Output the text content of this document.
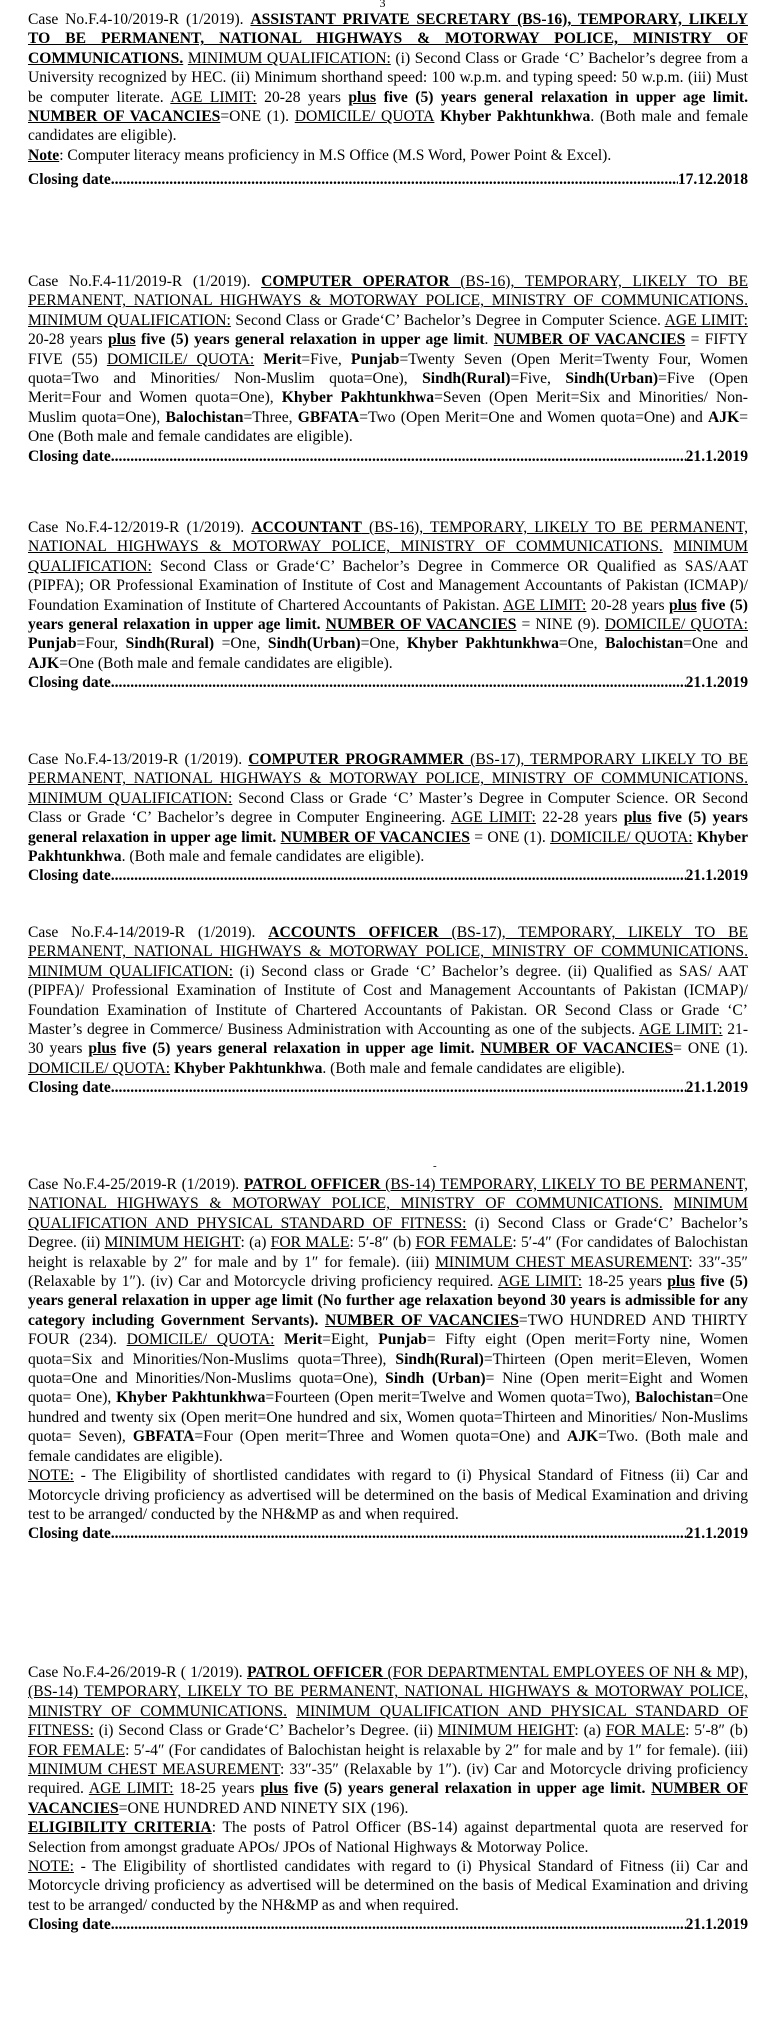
3
Case No.F.4-10/2019-R (1/2019). ASSISTANT PRIVATE SECRETARY (BS-16), TEMPORARY, LIKELY TO BE PERMANENT, NATIONAL HIGHWAYS & MOTORWAY POLICE, MINISTRY OF COMMUNICATIONS. MINIMUM QUALIFICATION: (i) Second Class or Grade ‘C’ Bachelor’s degree from a University recognized by HEC. (ii) Minimum shorthand speed: 100 w.p.m. and typing speed: 50 w.p.m. (iii) Must be computer literate. AGE LIMIT: 20-28 years plus five (5) years general relaxation in upper age limit. NUMBER OF VACANCIES=ONE (1). DOMICILE/ QUOTA Khyber Pakhtunkhwa. (Both male and female candidates are eligible).
Note: Computer literacy means proficiency in M.S Office (M.S Word, Power Point & Excel).
Closing date .....	17.12.2018
Case No.F.4-11/2019-R (1/2019). COMPUTER OPERATOR (BS-16), TEMPORARY, LIKELY TO BE PERMANENT, NATIONAL HIGHWAYS & MOTORWAY POLICE, MINISTRY OF COMMUNICATIONS. MINIMUM QUALIFICATION: Second Class or Grade‘C’ Bachelor’s Degree in Computer Science. AGE LIMIT: 20-28 years plus five (5) years general relaxation in upper age limit. NUMBER OF VACANCIES = FIFTY FIVE (55) DOMICILE/ QUOTA: Merit=Five, Punjab=Twenty Seven (Open Merit=Twenty Four, Women quota=Two and Minorities/ Non-Muslim quota=One), Sindh(Rural)=Five, Sindh(Urban)=Five (Open Merit=Four and Women quota=One), Khyber Pakhtunkhwa=Seven (Open Merit=Six and Minorities/ Non-Muslim quota=One), Balochistan=Three, GBFATA=Two (Open Merit=One and Women quota=One) and AJK= One (Both male and female candidates are eligible).
Closing date .....	21.1.2019
Case No.F.4-12/2019-R (1/2019). ACCOUNTANT (BS-16), TEMPORARY, LIKELY TO BE PERMANENT, NATIONAL HIGHWAYS & MOTORWAY POLICE, MINISTRY OF COMMUNICATIONS. MINIMUM QUALIFICATION: Second Class or Grade‘C’ Bachelor’s Degree in Commerce OR Qualified as SAS/AAT (PIPFA); OR Professional Examination of Institute of Cost and Management Accountants of Pakistan (ICMAP)/ Foundation Examination of Institute of Chartered Accountants of Pakistan. AGE LIMIT: 20-28 years plus five (5) years general relaxation in upper age limit. NUMBER OF VACANCIES = NINE (9). DOMICILE/ QUOTA: Punjab=Four, Sindh(Rural) =One, Sindh(Urban)=One, Khyber Pakhtunkhwa=One, Balochistan=One and AJK=One (Both male and female candidates are eligible).
Closing date .....	21.1.2019
Case No.F.4-13/2019-R (1/2019). COMPUTER PROGRAMMER (BS-17), TERMPORARY LIKELY TO BE PERMANENT, NATIONAL HIGHWAYS & MOTORWAY POLICE, MINISTRY OF COMMUNICATIONS. MINIMUM QUALIFICATION: Second Class or Grade ‘C’ Master’s Degree in Computer Science. OR Second Class or Grade ‘C’ Bachelor’s degree in Computer Engineering. AGE LIMIT: 22-28 years plus five (5) years general relaxation in upper age limit. NUMBER OF VACANCIES = ONE (1). DOMICILE/ QUOTA: Khyber Pakhtunkhwa. (Both male and female candidates are eligible).
Closing date .....	21.1.2019
Case No.F.4-14/2019-R (1/2019). ACCOUNTS OFFICER (BS-17), TEMPORARY, LIKELY TO BE PERMANENT, NATIONAL HIGHWAYS & MOTORWAY POLICE, MINISTRY OF COMMUNICATIONS. MINIMUM QUALIFICATION: (i) Second class or Grade ‘C’ Bachelor’s degree. (ii) Qualified as SAS/ AAT (PIPFA)/ Professional Examination of Institute of Cost and Management Accountants of Pakistan (ICMAP)/ Foundation Examination of Institute of Chartered Accountants of Pakistan. OR Second Class or Grade ‘C’ Master’s degree in Commerce/ Business Administration with Accounting as one of the subjects. AGE LIMIT: 21-30 years plus five (5) years general relaxation in upper age limit. NUMBER OF VACANCIES= ONE (1). DOMICILE/ QUOTA: Khyber Pakhtunkhwa. (Both male and female candidates are eligible).
Closing date .....	21.1.2019
-
Case No.F.4-25/2019-R (1/2019). PATROL OFFICER (BS-14) TEMPORARY, LIKELY TO BE PERMANENT, NATIONAL HIGHWAYS & MOTORWAY POLICE, MINISTRY OF COMMUNICATIONS. MINIMUM QUALIFICATION AND PHYSICAL STANDARD OF FITNESS: (i) Second Class or Grade‘C’ Bachelor’s Degree. (ii) MINIMUM HEIGHT: (a) FOR MALE: 5′-8″ (b) FOR FEMALE: 5′-4″ (For candidates of Balochistan height is relaxable by 2″ for male and by 1″ for female). (iii) MINIMUM CHEST MEASUREMENT: 33″-35″ (Relaxable by 1″). (iv) Car and Motorcycle driving proficiency required. AGE LIMIT: 18-25 years plus five (5) years general relaxation in upper age limit (No further age relaxation beyond 30 years is admissible for any category including Government Servants). NUMBER OF VACANCIES=TWO HUNDRED AND THIRTY FOUR (234). DOMICILE/ QUOTA: Merit=Eight, Punjab= Fifty eight (Open merit=Forty nine, Women quota=Six and Minorities/Non-Muslims quota=Three), Sindh(Rural)=Thirteen (Open merit=Eleven, Women quota=One and Minorities/Non-Muslims quota=One), Sindh (Urban)= Nine (Open merit=Eight and Women quota= One), Khyber Pakhtunkhwa=Fourteen (Open merit=Twelve and Women quota=Two), Balochistan=One hundred and twenty six (Open merit=One hundred and six, Women quota=Thirteen and Minorities/ Non-Muslims quota= Seven), GBFATA=Four (Open merit=Three and Women quota=One) and AJK=Two. (Both male and female candidates are eligible).
NOTE: - The Eligibility of shortlisted candidates with regard to (i) Physical Standard of Fitness (ii) Car and Motorcycle driving proficiency as advertised will be determined on the basis of Medical Examination and driving test to be arranged/ conducted by the NH&MP as and when required.
Closing date .....	21.1.2019
Case No.F.4-26/2019-R ( 1/2019). PATROL OFFICER (FOR DEPARTMENTAL EMPLOYEES OF NH & MP), (BS-14) TEMPORARY, LIKELY TO BE PERMANENT, NATIONAL HIGHWAYS & MOTORWAY POLICE, MINISTRY OF COMMUNICATIONS. MINIMUM QUALIFICATION AND PHYSICAL STANDARD OF FITNESS: (i) Second Class or Grade‘C’ Bachelor’s Degree. (ii) MINIMUM HEIGHT: (a) FOR MALE: 5′-8″ (b) FOR FEMALE: 5′-4″ (For candidates of Balochistan height is relaxable by 2″ for male and by 1″ for female). (iii) MINIMUM CHEST MEASUREMENT: 33″-35″ (Relaxable by 1″). (iv) Car and Motorcycle driving proficiency required. AGE LIMIT: 18-25 years plus five (5) years general relaxation in upper age limit. NUMBER OF VACANCIES=ONE HUNDRED AND NINETY SIX (196).
ELIGIBILITY CRITERIA: The posts of Patrol Officer (BS-14) against departmental quota are reserved for Selection from amongst graduate APOs/ JPOs of National Highways & Motorway Police.
NOTE: - The Eligibility of shortlisted candidates with regard to (i) Physical Standard of Fitness (ii) Car and Motorcycle driving proficiency as advertised will be determined on the basis of Medical Examination and driving test to be arranged/ conducted by the NH&MP as and when required.
Closing date .....	21.1.2019
